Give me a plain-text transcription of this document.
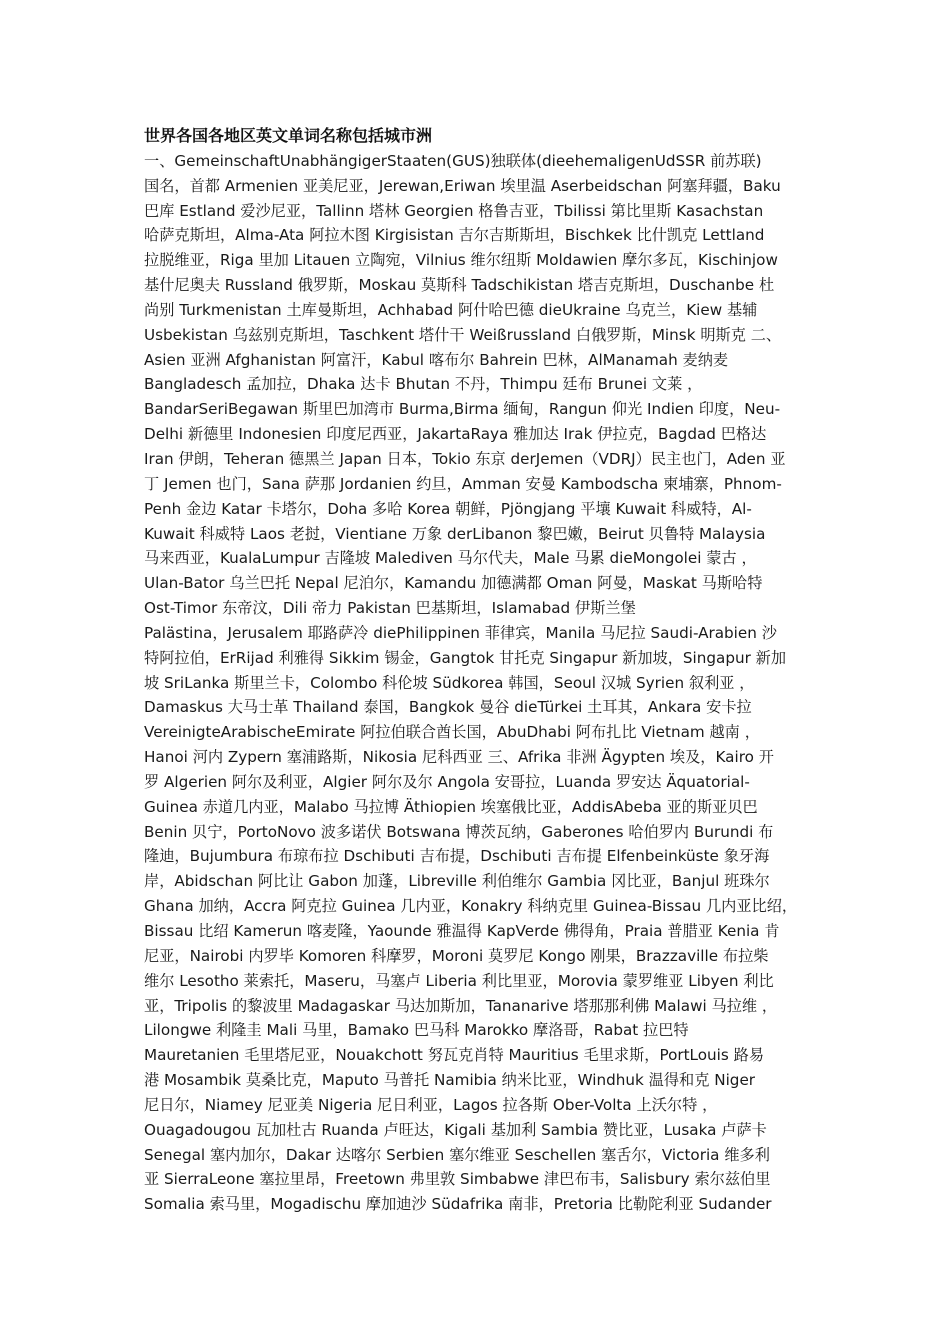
世界各国各地区英文单词名称包括城市洲

一、GemeinschaftUnabhängigerStaaten(GUS)独联体(dieehemaligenUdSSR 前苏联)

国名，首都 Armenien 亚美尼亚，Jerewan,Eriwan 埃里温 Aserbeidschan 阿塞拜疆，Baku

巴库 Estland 爱沙尼亚，Tallinn 塔林 Georgien 格鲁吉亚，Tbilissi 第比里斯 Kasachstan

哈萨克斯坦，Alma-Ata 阿拉木图 Kirgisistan 吉尔吉斯斯坦，Bischkek 比什凯克 Lettland

拉脱维亚，Riga 里加 Litauen 立陶宛，Vilnius 维尔纽斯 Moldawien 摩尔多瓦，Kischinjow

基什尼奥夫 Russland 俄罗斯，Moskau 莫斯科 Tadschikistan 塔吉克斯坦，Duschanbe 杜

尚别 Turkmenistan 土库曼斯坦，Achhabad 阿什哈巴德 dieUkraine 乌克兰，Kiew 基辅

Usbekistan 乌兹别克斯坦，Taschkent 塔什干 Weißrussland 白俄罗斯，Minsk 明斯克 二、

Asien 亚洲 Afghanistan 阿富汗，Kabul 喀布尔 Bahrein 巴林，AlManamah 麦纳麦

Bangladesch 孟加拉，Dhaka 达卡 Bhutan 不丹，Thimpu 廷布 Brunei 文莱 ，

BandarSeriBegawan 斯里巴加湾市 Burma,Birma 缅甸，Rangun 仰光 Indien 印度，Neu-

Delhi 新德里 Indonesien 印度尼西亚，JakartaRaya 雅加达 Irak 伊拉克，Bagdad 巴格达

Iran 伊朗，Teheran 德黑兰 Japan 日本，Tokio 东京 derJemen（VDRJ）民主也门，Aden 亚

丁 Jemen 也门，Sana 萨那 Jordanien 约旦，Amman 安曼 Kambodscha 柬埔寨，Phnom-

Penh 金边 Katar 卡塔尔，Doha 多哈 Korea 朝鲜，Pjöngjang 平壤 Kuwait 科威特，Al-

Kuwait 科威特 Laos 老挝，Vientiane 万象 derLibanon 黎巴嫩，Beirut 贝鲁特 Malaysia

马来西亚，KualaLumpur 吉隆坡 Malediven 马尔代夫，Male 马累 dieMongolei 蒙古 ，

Ulan-Bator 乌兰巴托 Nepal 尼泊尔，Kamandu 加德满都 Oman 阿曼，Maskat 马斯哈特

Ost-Timor 东帝汶，Dili 帝力 Pakistan 巴基斯坦，Islamabad 伊斯兰堡

Palästina，Jerusalem 耶路萨冷 diePhilippinen 菲律宾，Manila 马尼拉 Saudi-Arabien 沙

特阿拉伯，ErRijad 利雅得 Sikkim 锡金，Gangtok 甘托克 Singapur 新加坡，Singapur 新加

坡 SriLanka 斯里兰卡，Colombo 科伦坡 Südkorea 韩国，Seoul 汉城 Syrien 叙利亚 ，

Damaskus 大马士革 Thailand 泰国，Bangkok 曼谷 dieTürkei 土耳其，Ankara 安卡拉

VereinigteArabischeEmirate 阿拉伯联合酋长国，AbuDhabi 阿布扎比 Vietnam 越南 ，

Hanoi 河内 Zypern 塞浦路斯，Nikosia 尼科西亚 三、Afrika 非洲 Ägypten 埃及，Kairo 开

罗 Algerien 阿尔及利亚，Algier 阿尔及尔 Angola 安哥拉，Luanda 罗安达 Äquatorial-

Guinea 赤道几内亚，Malabo 马拉博 Äthiopien 埃塞俄比亚，AddisAbeba 亚的斯亚贝巴

Benin 贝宁，PortoNovo 波多诺伏 Botswana 博茨瓦纳，Gaberones 哈伯罗内 Burundi 布

隆迪，Bujumbura 布琼布拉 Dschibuti 吉布提，Dschibuti 吉布提 Elfenbeinküste 象牙海

岸，Abidschan 阿比让 Gabon 加蓬，Libreville 利伯维尔 Gambia 冈比亚，Banjul 班珠尔

Ghana 加纳，Accra 阿克拉 Guinea 几内亚，Konakry 科纳克里 Guinea-Bissau 几内亚比绍，

Bissau 比绍 Kamerun 喀麦隆，Yaounde 雅温得 KapVerde 佛得角，Praia 普腊亚 Kenia 肯

尼亚，Nairobi 内罗毕 Komoren 科摩罗，Moroni 莫罗尼 Kongo 刚果，Brazzaville 布拉柴

维尔 Lesotho 莱索托，Maseru，马塞卢 Liberia 利比里亚，Morovia 蒙罗维亚 Libyen 利比

亚，Tripolis 的黎波里 Madagaskar 马达加斯加，Tananarive 塔那那利佛 Malawi 马拉维 ，

Lilongwe 利隆圭 Mali 马里，Bamako 巴马科 Marokko 摩洛哥，Rabat 拉巴特

Mauretanien 毛里塔尼亚，Nouakchott 努瓦克肖特 Mauritius 毛里求斯，PortLouis 路易

港 Mosambik 莫桑比克，Maputo 马普托 Namibia 纳米比亚，Windhuk 温得和克 Niger

尼日尔，Niamey 尼亚美 Nigeria 尼日利亚，Lagos 拉各斯 Ober-Volta 上沃尔特 ，

Ouagadougou 瓦加杜古 Ruanda 卢旺达，Kigali 基加利 Sambia 赞比亚，Lusaka 卢萨卡

Senegal 塞内加尔，Dakar 达喀尔 Serbien 塞尔维亚 Seschellen 塞舌尔，Victoria 维多利

亚 SierraLeone 塞拉里昂，Freetown 弗里敦 Simbabwe 津巴布韦，Salisbury 索尔兹伯里

Somalia 索马里，Mogadischu 摩加迪沙 Südafrika 南非，Pretoria 比勒陀利亚 Sudander
